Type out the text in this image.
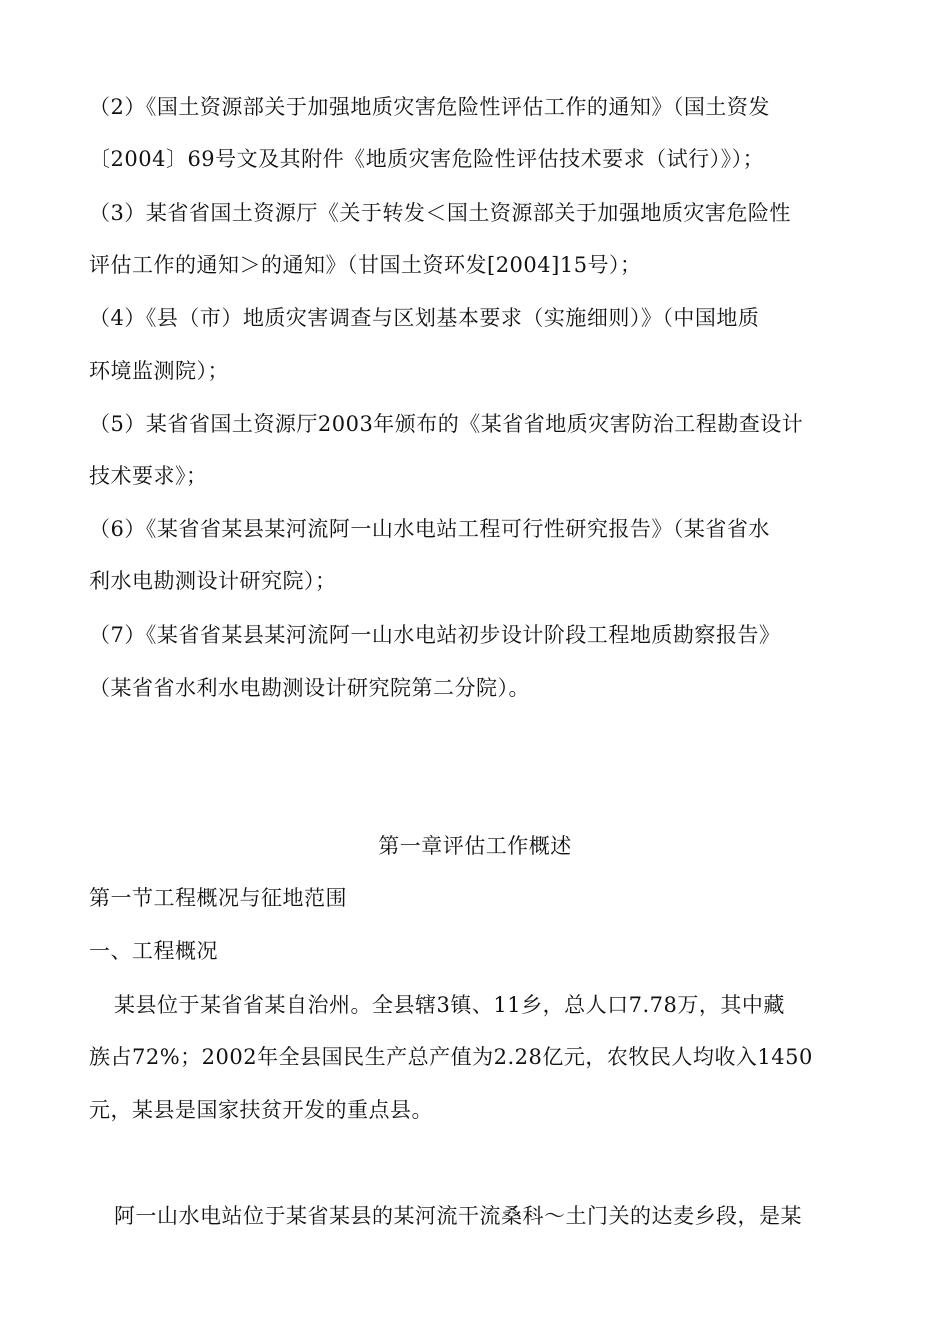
（2）《国土资源部关于加强地质灾害危险性评估工作的通知》（国土资发
〔2004〕69号文及其附件《地质灾害危险性评估技术要求（试行）》）；
（3）某省省国土资源厅《关于转发＜国土资源部关于加强地质灾害危险性
评估工作的通知＞的通知》（甘国土资环发[2004]15号）；
（4）《县（市）地质灾害调查与区划基本要求（实施细则）》（中国地质
环境监测院）；
（5）某省省国土资源厅2003年颁布的《某省省地质灾害防治工程勘查设计
技术要求》；
（6）《某省省某县某河流阿一山水电站工程可行性研究报告》（某省省水
利水电勘测设计研究院）；
（7）《某省省某县某河流阿一山水电站初步设计阶段工程地质勘察报告》
（某省省水利水电勘测设计研究院第二分院）。
第一章评估工作概述
第一节工程概况与征地范围
一、工程概况
某县位于某省省某自治州。全县辖3镇、11乡，总人口7.78万，其中藏
族占72%；2002年全县国民生产总产值为2.28亿元，农牧民人均收入1450
元，某县是国家扶贫开发的重点县。
阿一山水电站位于某省某县的某河流干流桑科～土门关的达麦乡段，是某
